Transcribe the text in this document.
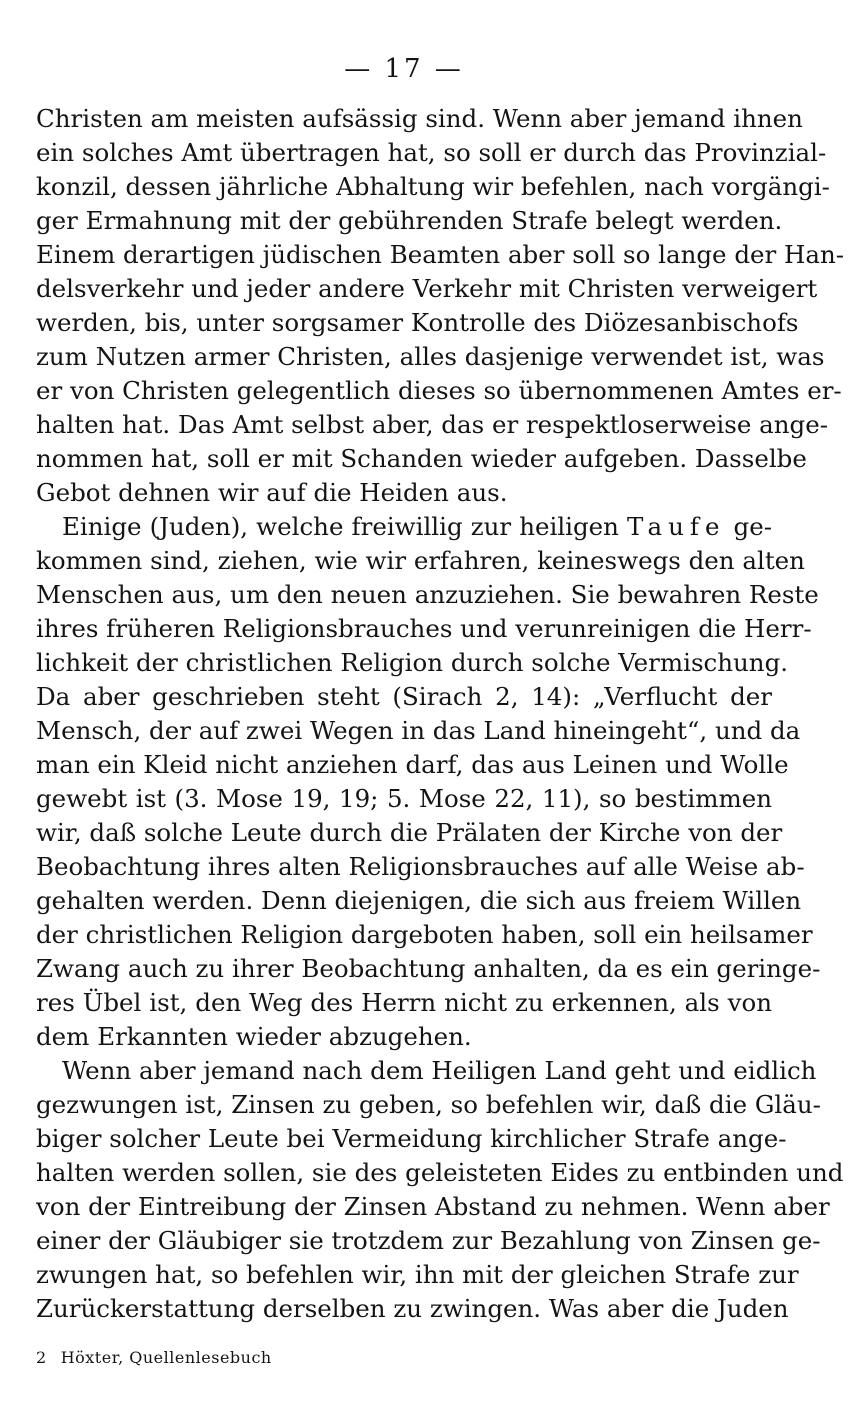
— 17 —
Christen am meisten aufsässig sind. Wenn aber jemand ihnen
ein solches Amt übertragen hat, so soll er durch das Provinzial-
konzil, dessen jährliche Abhaltung wir befehlen, nach vorgängi-
ger Ermahnung mit der gebührenden Strafe belegt werden.
Einem derartigen jüdischen Beamten aber soll so lange der Han-
delsverkehr und jeder andere Verkehr mit Christen verweigert
werden, bis, unter sorgsamer Kontrolle des Diözesanbischofs
zum Nutzen armer Christen, alles dasjenige verwendet ist, was
er von Christen gelegentlich dieses so übernommenen Amtes er-
halten hat. Das Amt selbst aber, das er respektloserweise ange-
nommen hat, soll er mit Schanden wieder aufgeben. Dasselbe
Gebot dehnen wir auf die Heiden aus.
Einige (Juden), welche freiwillig zur heiligen Taufe ge-
kommen sind, ziehen, wie wir erfahren, keineswegs den alten
Menschen aus, um den neuen anzuziehen. Sie bewahren Reste
ihres früheren Religionsbrauches und verunreinigen die Herr-
lichkeit der christlichen Religion durch solche Vermischung.
Da aber geschrieben steht (Sirach 2, 14): „Verflucht der
Mensch, der auf zwei Wegen in das Land hineingeht“, und da
man ein Kleid nicht anziehen darf, das aus Leinen und Wolle
gewebt ist (3. Mose 19, 19; 5. Mose 22, 11), so bestimmen
wir, daß solche Leute durch die Prälaten der Kirche von der
Beobachtung ihres alten Religionsbrauches auf alle Weise ab-
gehalten werden. Denn diejenigen, die sich aus freiem Willen
der christlichen Religion dargeboten haben, soll ein heilsamer
Zwang auch zu ihrer Beobachtung anhalten, da es ein geringe-
res Übel ist, den Weg des Herrn nicht zu erkennen, als von
dem Erkannten wieder abzugehen.
Wenn aber jemand nach dem Heiligen Land geht und eidlich
gezwungen ist, Zinsen zu geben, so befehlen wir, daß die Gläu-
biger solcher Leute bei Vermeidung kirchlicher Strafe ange-
halten werden sollen, sie des geleisteten Eides zu entbinden und
von der Eintreibung der Zinsen Abstand zu nehmen. Wenn aber
einer der Gläubiger sie trotzdem zur Bezahlung von Zinsen ge-
zwungen hat, so befehlen wir, ihn mit der gleichen Strafe zur
Zurückerstattung derselben zu zwingen. Was aber die Juden
2 Höxter, Quellenlesebuch
